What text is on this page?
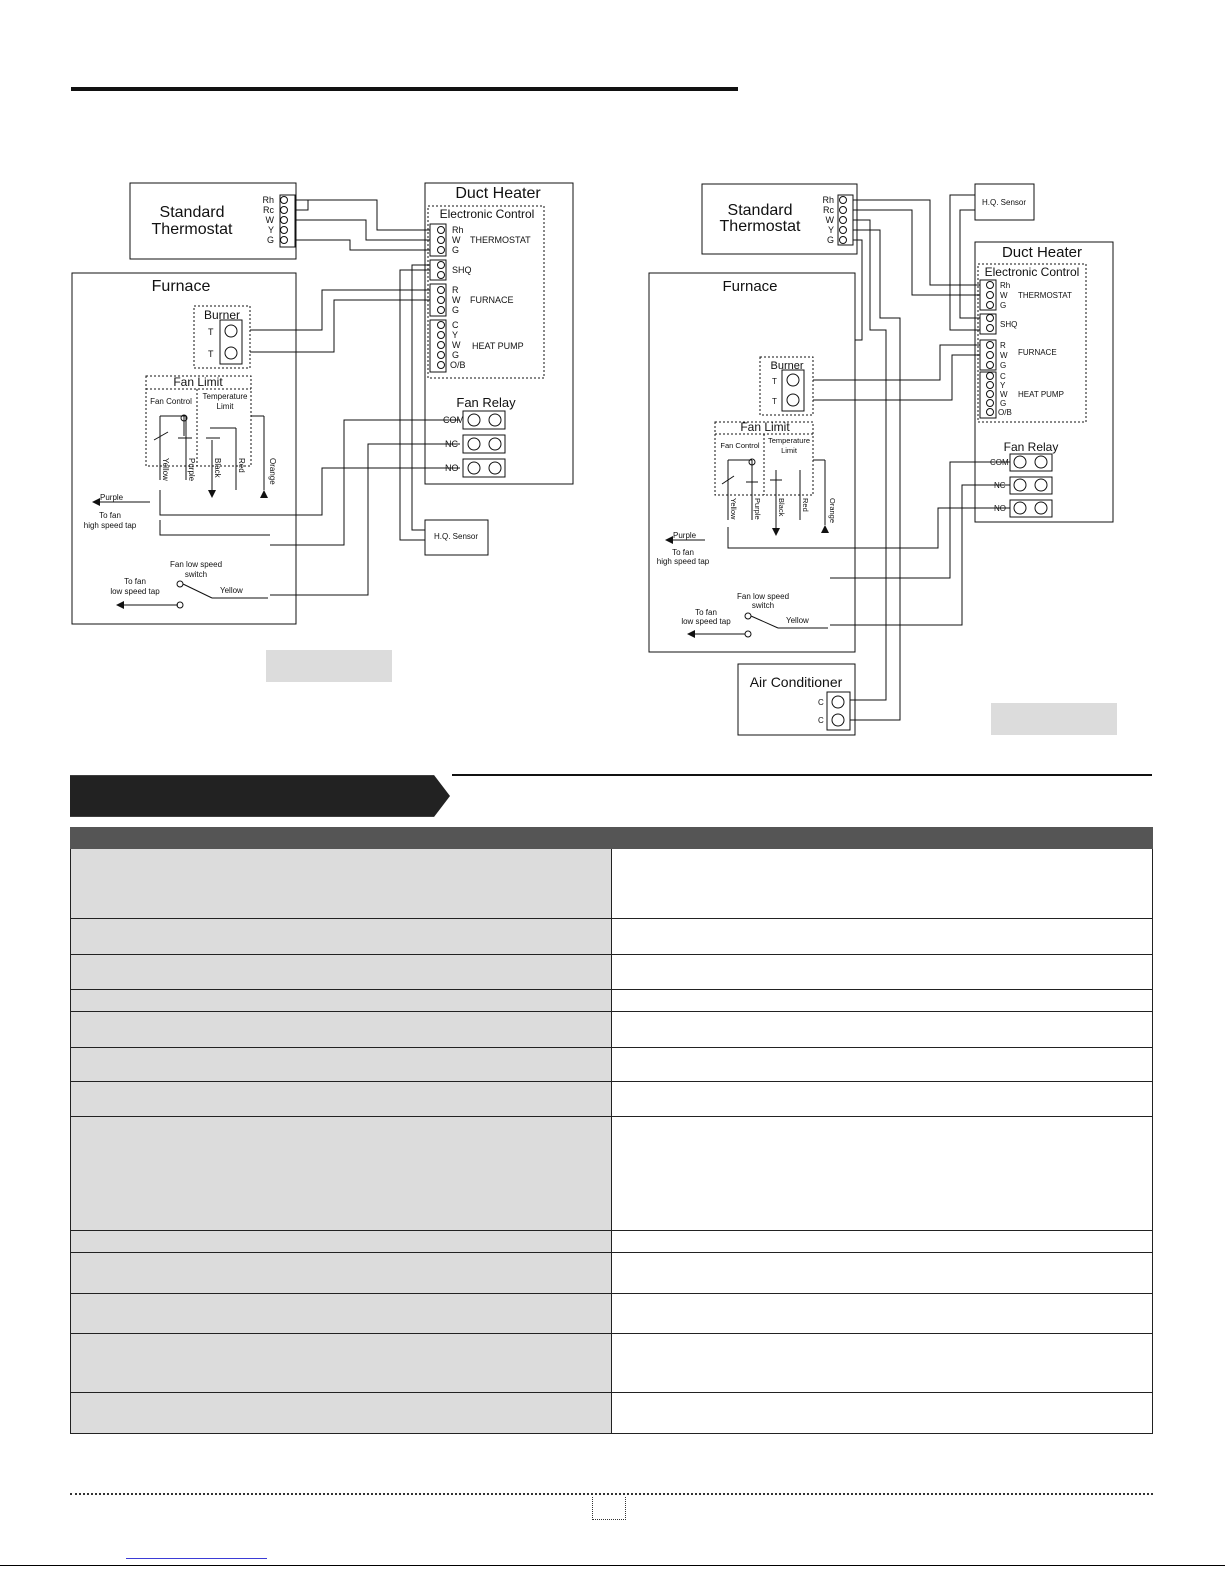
Standard
Thermostat
Rh
Rc
W
Y
G
Duct Heater
Electronic Control
Rh
W
G
THERMOSTAT
SHQ
R
W
G
FURNACE
C
Y
W
G
O/B
HEAT PUMP
Fan Relay
COM
NC
NO
Furnace
Burner
T
T
Fan Limit
Fan Control
Temperature
Limit
Yellow Purple Black Red	Orange
Purple
To fan
high speed tap
Fan low speed
switch
To fan
low speed tap	Yellow
H.Q. Sensor
Standard
Thermostat
Rh
Rc
W
Y
G
H.Q. Sensor
Duct Heater
Electronic Control
Rh
W
G
THERMOSTAT
SHQ
R
W
G
FURNACE
C
Y
W
G
O/B
HEAT PUMP
Fan Relay
COM
NC
NO
Furnace
Burner
T
T
Fan Limit
Fan Control
Temperature
Limit
Yellow Purple Black Red Orange
Purple
To fan
high speed tap
Fan low speed
switch
To fan
low speed tap	Yellow
Air Conditioner
C
C
